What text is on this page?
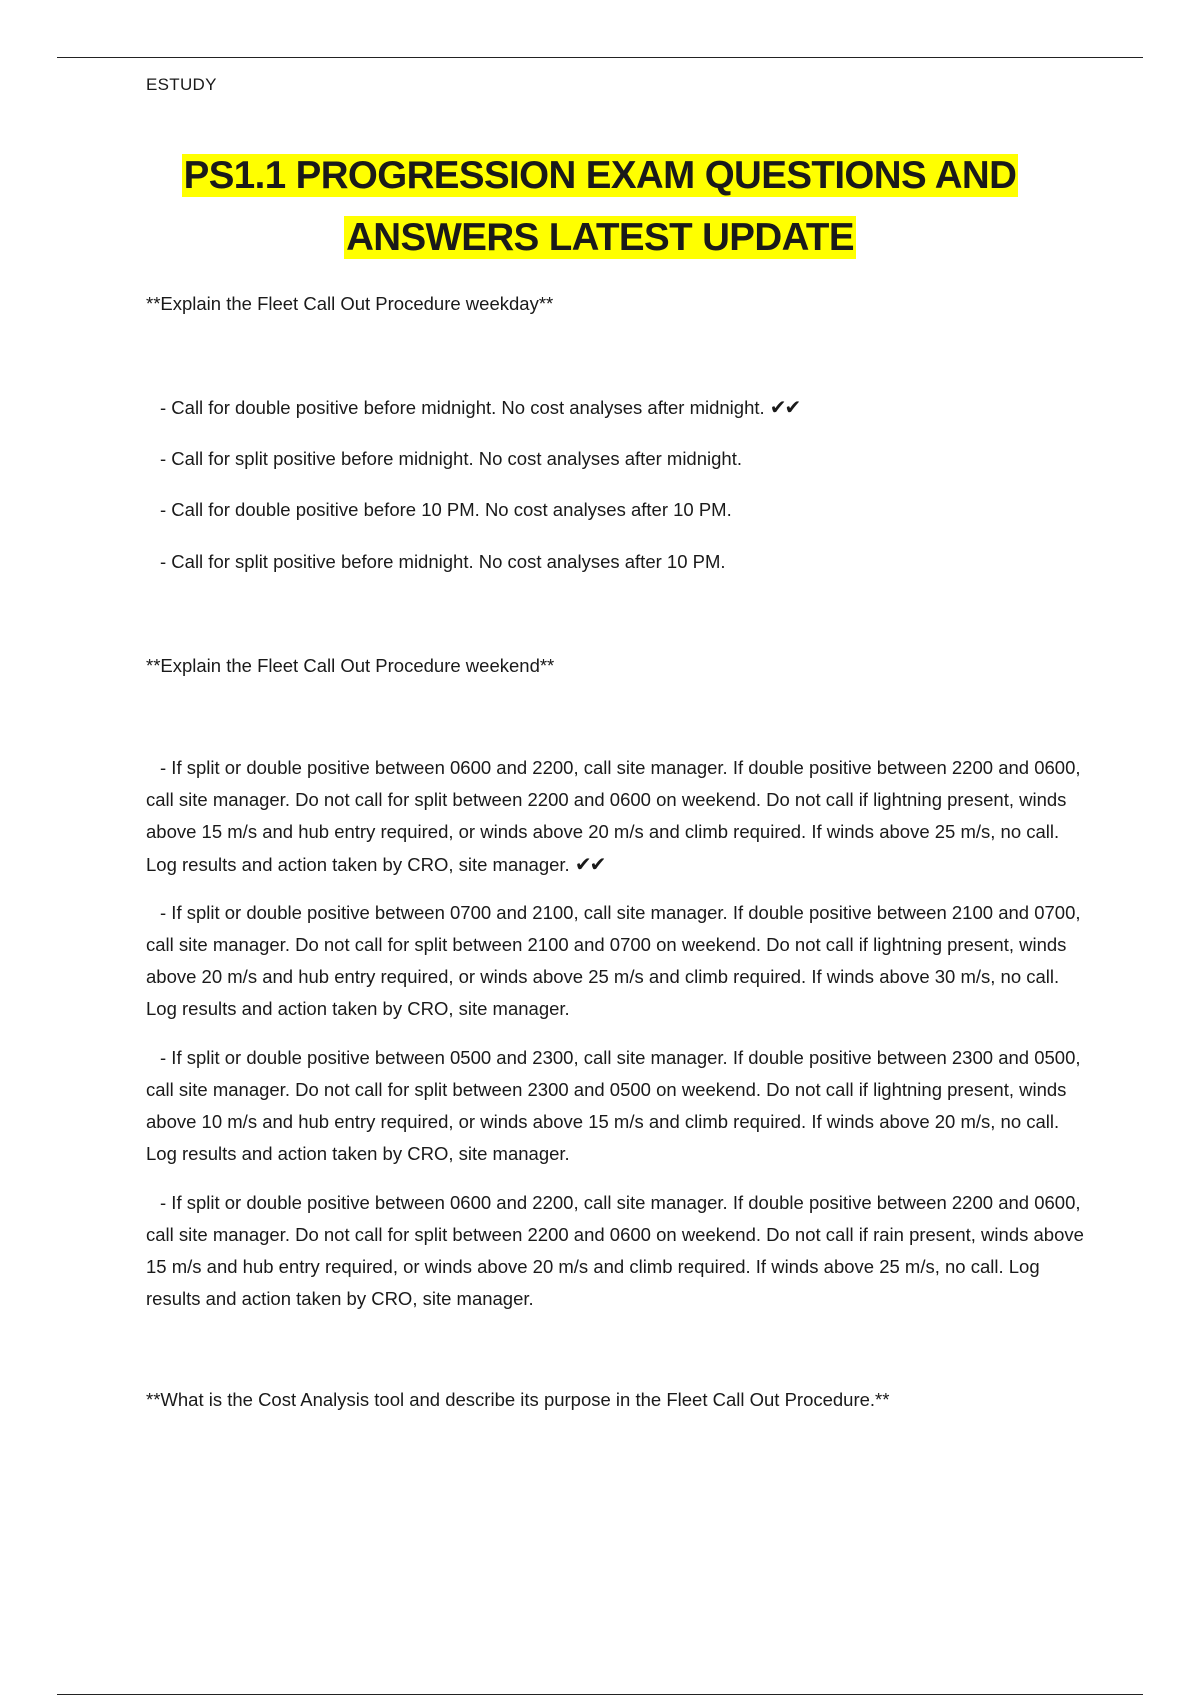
ESTUDY
PS1.1 PROGRESSION EXAM QUESTIONS AND
ANSWERS LATEST UPDATE
**Explain the Fleet Call Out Procedure weekday**
- Call for double positive before midnight. No cost analyses after midnight. ✔✔
- Call for split positive before midnight. No cost analyses after midnight.
- Call for double positive before 10 PM. No cost analyses after 10 PM.
- Call for split positive before midnight. No cost analyses after 10 PM.
**Explain the Fleet Call Out Procedure weekend**
- If split or double positive between 0600 and 2200, call site manager. If double positive between 2200 and 0600, call site manager. Do not call for split between 2200 and 0600 on weekend. Do not call if lightning present, winds above 15 m/s and hub entry required, or winds above 20 m/s and climb required. If winds above 25 m/s, no call. Log results and action taken by CRO, site manager. ✔✔
- If split or double positive between 0700 and 2100, call site manager. If double positive between 2100 and 0700, call site manager. Do not call for split between 2100 and 0700 on weekend. Do not call if lightning present, winds above 20 m/s and hub entry required, or winds above 25 m/s and climb required. If winds above 30 m/s, no call. Log results and action taken by CRO, site manager.
- If split or double positive between 0500 and 2300, call site manager. If double positive between 2300 and 0500, call site manager. Do not call for split between 2300 and 0500 on weekend. Do not call if lightning present, winds above 10 m/s and hub entry required, or winds above 15 m/s and climb required. If winds above 20 m/s, no call. Log results and action taken by CRO, site manager.
- If split or double positive between 0600 and 2200, call site manager. If double positive between 2200 and 0600, call site manager. Do not call for split between 2200 and 0600 on weekend. Do not call if rain present, winds above 15 m/s and hub entry required, or winds above 20 m/s and climb required. If winds above 25 m/s, no call. Log results and action taken by CRO, site manager.
**What is the Cost Analysis tool and describe its purpose in the Fleet Call Out Procedure.**
